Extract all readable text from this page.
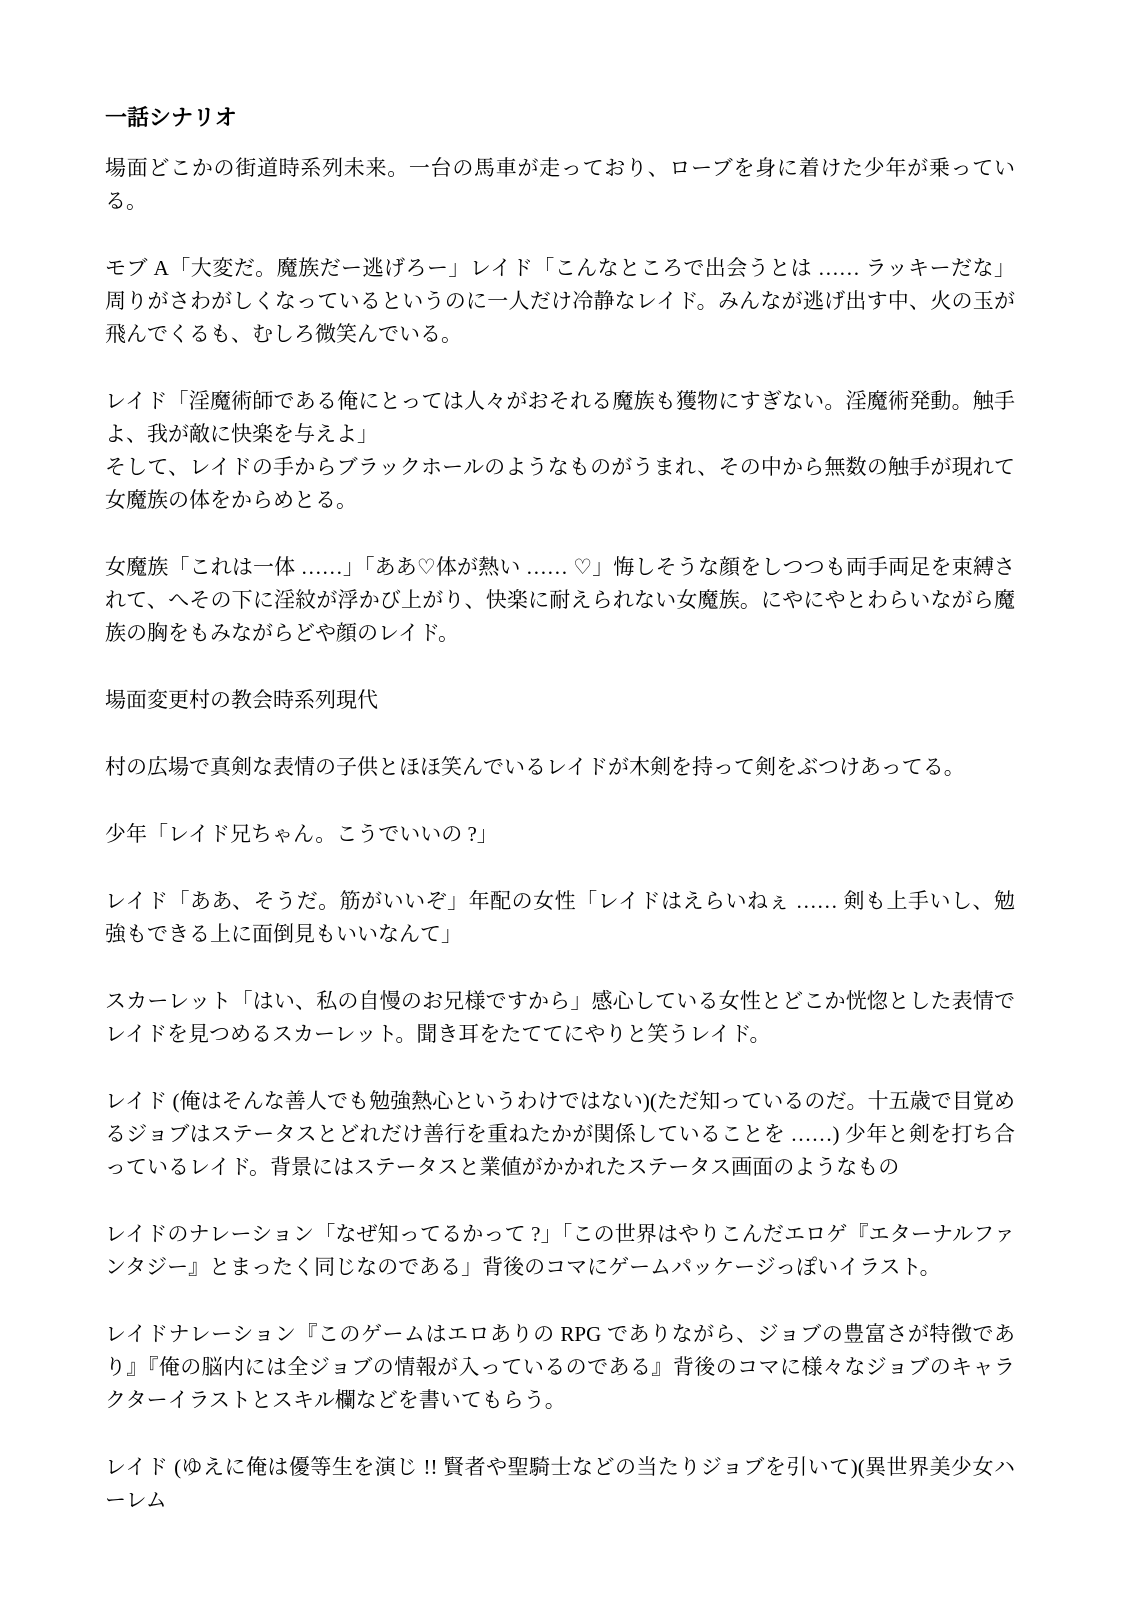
一話シナリオ

場面どこかの街道時系列未来。一台の馬車が走っており、ローブを身に着けた少年が乗っている。

モブ A「大変だ。魔族だー逃げろー」レイド「こんなところで出会うとは …… ラッキーだな」周りがさわがしくなっているというのに一人だけ冷静なレイド。みんなが逃げ出す中、火の玉が飛んでくるも、むしろ微笑んでいる。

レイド「淫魔術師である俺にとっては人々がおそれる魔族も獲物にすぎない。淫魔術発動。触手よ、我が敵に快楽を与えよ」

そして、レイドの手からブラックホールのようなものがうまれ、その中から無数の触手が現れて女魔族の体をからめとる。

女魔族「これは一体 ……」「ああ♡体が熱い …… ♡」悔しそうな顔をしつつも両手両足を束縛されて、へその下に淫紋が浮かび上がり、快楽に耐えられない女魔族。にやにやとわらいながら魔族の胸をもみながらどや顔のレイド。

場面変更村の教会時系列現代

村の広場で真剣な表情の子供とほほ笑んでいるレイドが木剣を持って剣をぶつけあってる。

少年「レイド兄ちゃん。こうでいいの ?」

レイド「ああ、そうだ。筋がいいぞ」年配の女性「レイドはえらいねぇ …… 剣も上手いし、勉強もできる上に面倒見もいいなんて」

スカーレット「はい、私の自慢のお兄様ですから」感心している女性とどこか恍惚とした表情でレイドを見つめるスカーレット。聞き耳をたててにやりと笑うレイド。

レイド (俺はそんな善人でも勉強熱心というわけではない)(ただ知っているのだ。十五歳で目覚めるジョブはステータスとどれだけ善行を重ねたかが関係していることを ……) 少年と剣を打ち合っているレイド。背景にはステータスと業値がかかれたステータス画面のようなもの

レイドのナレーション「なぜ知ってるかって ?」「この世界はやりこんだエロゲ『エターナルファンタジー』とまったく同じなのである」背後のコマにゲームパッケージっぽいイラスト。

レイドナレーション『このゲームはエロありの RPG でありながら、ジョブの豊富さが特徴であり』『俺の脳内には全ジョブの情報が入っているのである』背後のコマに様々なジョブのキャラクターイラストとスキル欄などを書いてもらう。

レイド (ゆえに俺は優等生を演じ !! 賢者や聖騎士などの当たりジョブを引いて)(異世界美少女ハーレム
